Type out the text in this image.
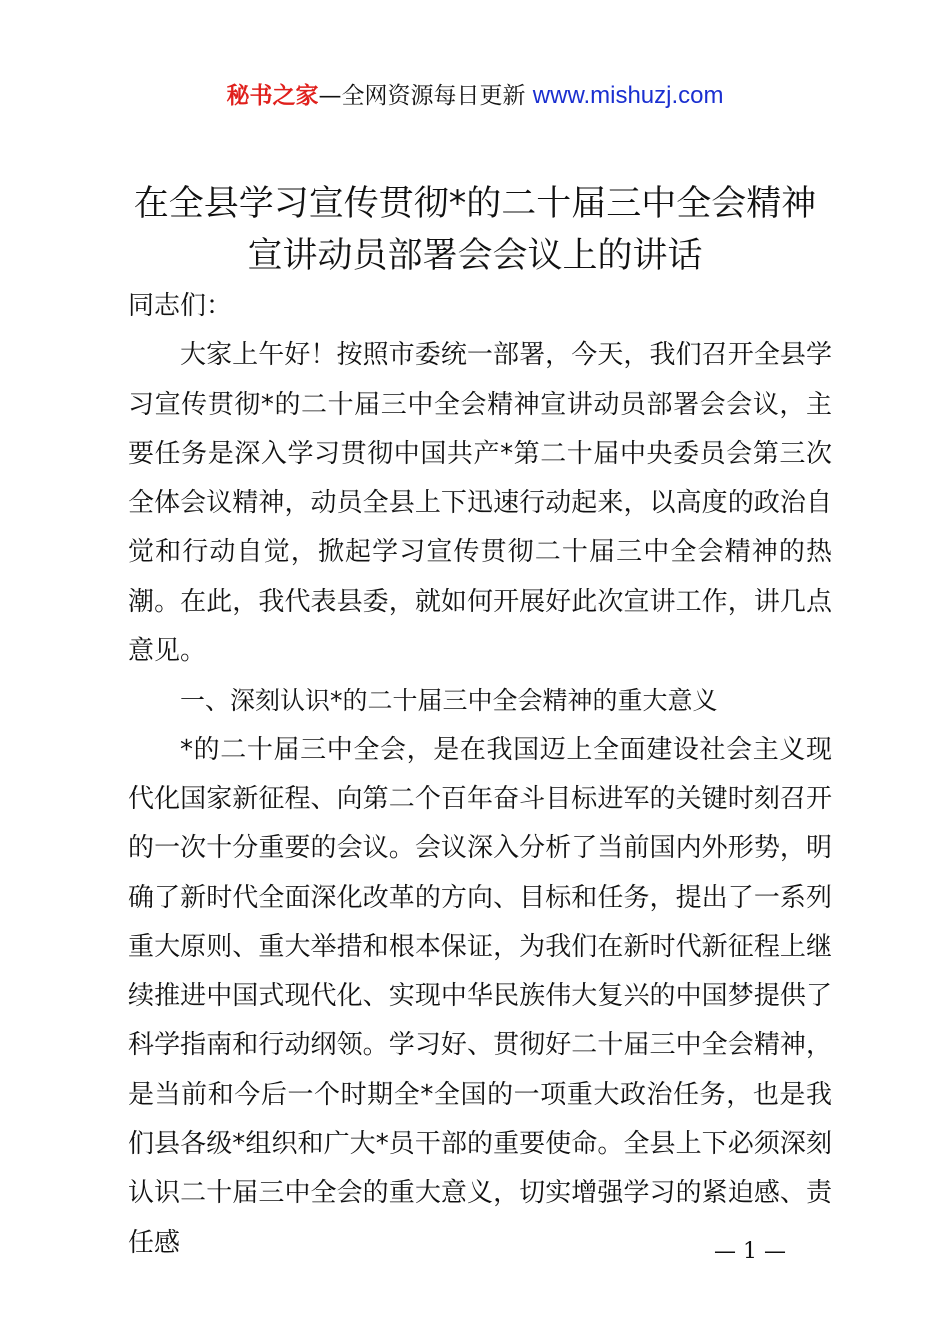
秘书之家—全网资源每日更新 www.mishuzj.com
在全县学习宣传贯彻*的二十届三中全会精神
宣讲动员部署会会议上的讲话

同志们：

大家上午好！按照市委统一部署，今天，我们召开全县学习宣传贯彻*的二十届三中全会精神宣讲动员部署会会议，主要任务是深入学习贯彻中国共产*第二十届中央委员会第三次全体会议精神，动员全县上下迅速行动起来，以高度的政治自觉和行动自觉，掀起学习宣传贯彻二十届三中全会精神的热潮。在此，我代表县委，就如何开展好此次宣讲工作，讲几点意见。

一、深刻认识*的二十届三中全会精神的重大意义

*的二十届三中全会，是在我国迈上全面建设社会主义现代化国家新征程、向第二个百年奋斗目标进军的关键时刻召开的一次十分重要的会议。会议深入分析了当前国内外形势，明确了新时代全面深化改革的方向、目标和任务，提出了一系列重大原则、重大举措和根本保证，为我们在新时代新征程上继续推进中国式现代化、实现中华民族伟大复兴的中国梦提供了科学指南和行动纲领。学习好、贯彻好二十届三中全会精神，是当前和今后一个时期全*全国的一项重大政治任务，也是我们县各级*组织和广大*员干部的重要使命。全县上下必须深刻认识二十届三中全会的重大意义，切实增强学习的紧迫感、责任感	— 1 —
